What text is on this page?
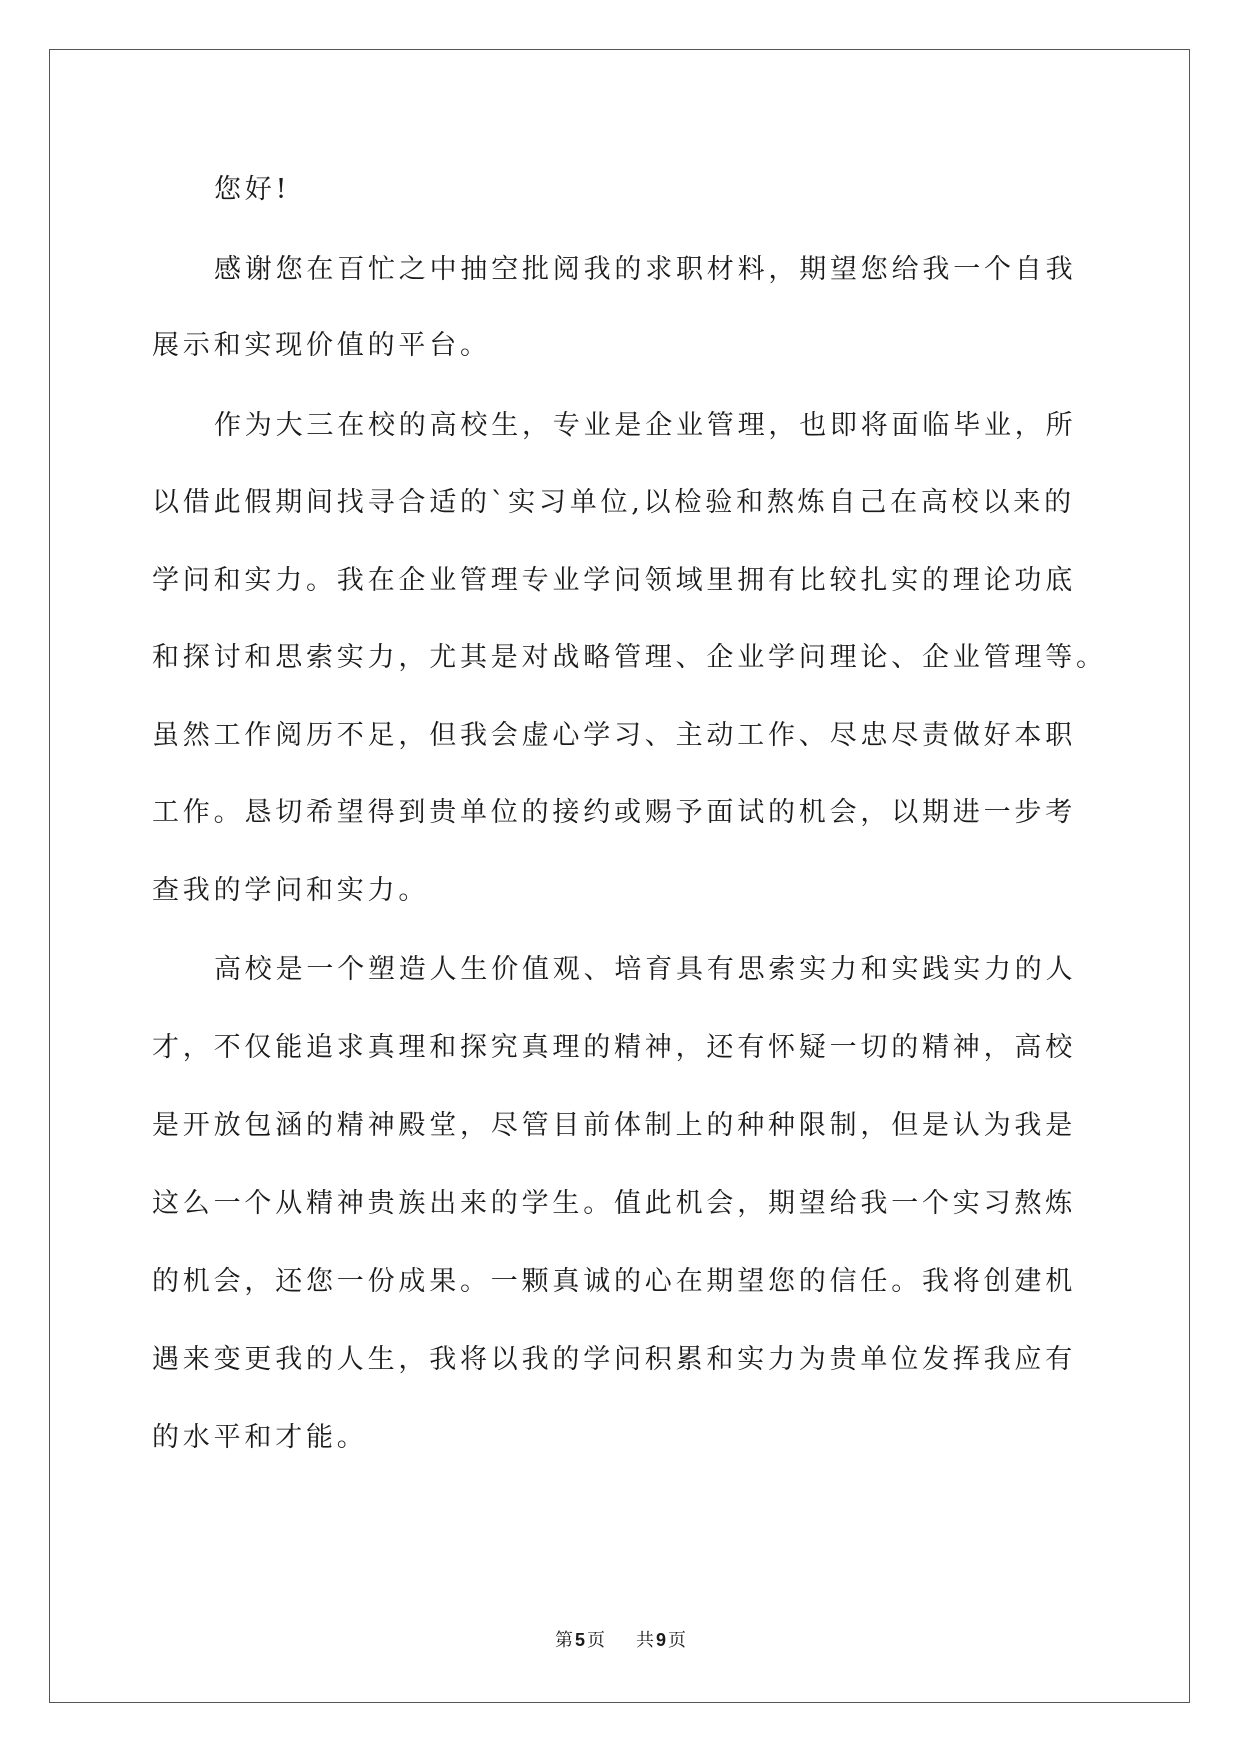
您好!
感谢您在百忙之中抽空批阅我的求职材料，期望您给我一个自我
展示和实现价值的平台。
作为大三在校的高校生，专业是企业管理，也即将面临毕业，所
以借此假期间找寻合适的`实习单位,以检验和熬炼自己在高校以来的
学问和实力。我在企业管理专业学问领域里拥有比较扎实的理论功底
和探讨和思索实力，尤其是对战略管理、企业学问理论、企业管理等。
虽然工作阅历不足，但我会虚心学习、主动工作、尽忠尽责做好本职
工作。恳切希望得到贵单位的接约或赐予面试的机会，以期进一步考
查我的学问和实力。
高校是一个塑造人生价值观、培育具有思索实力和实践实力的人
才，不仅能追求真理和探究真理的精神，还有怀疑一切的精神，高校
是开放包涵的精神殿堂，尽管目前体制上的种种限制，但是认为我是
这么一个从精神贵族出来的学生。值此机会，期望给我一个实习熬炼
的机会，还您一份成果。一颗真诚的心在期望您的信任。我将创建机
遇来变更我的人生，我将以我的学问积累和实力为贵单位发挥我应有
的水平和才能。
第 5 页 共 9 页
